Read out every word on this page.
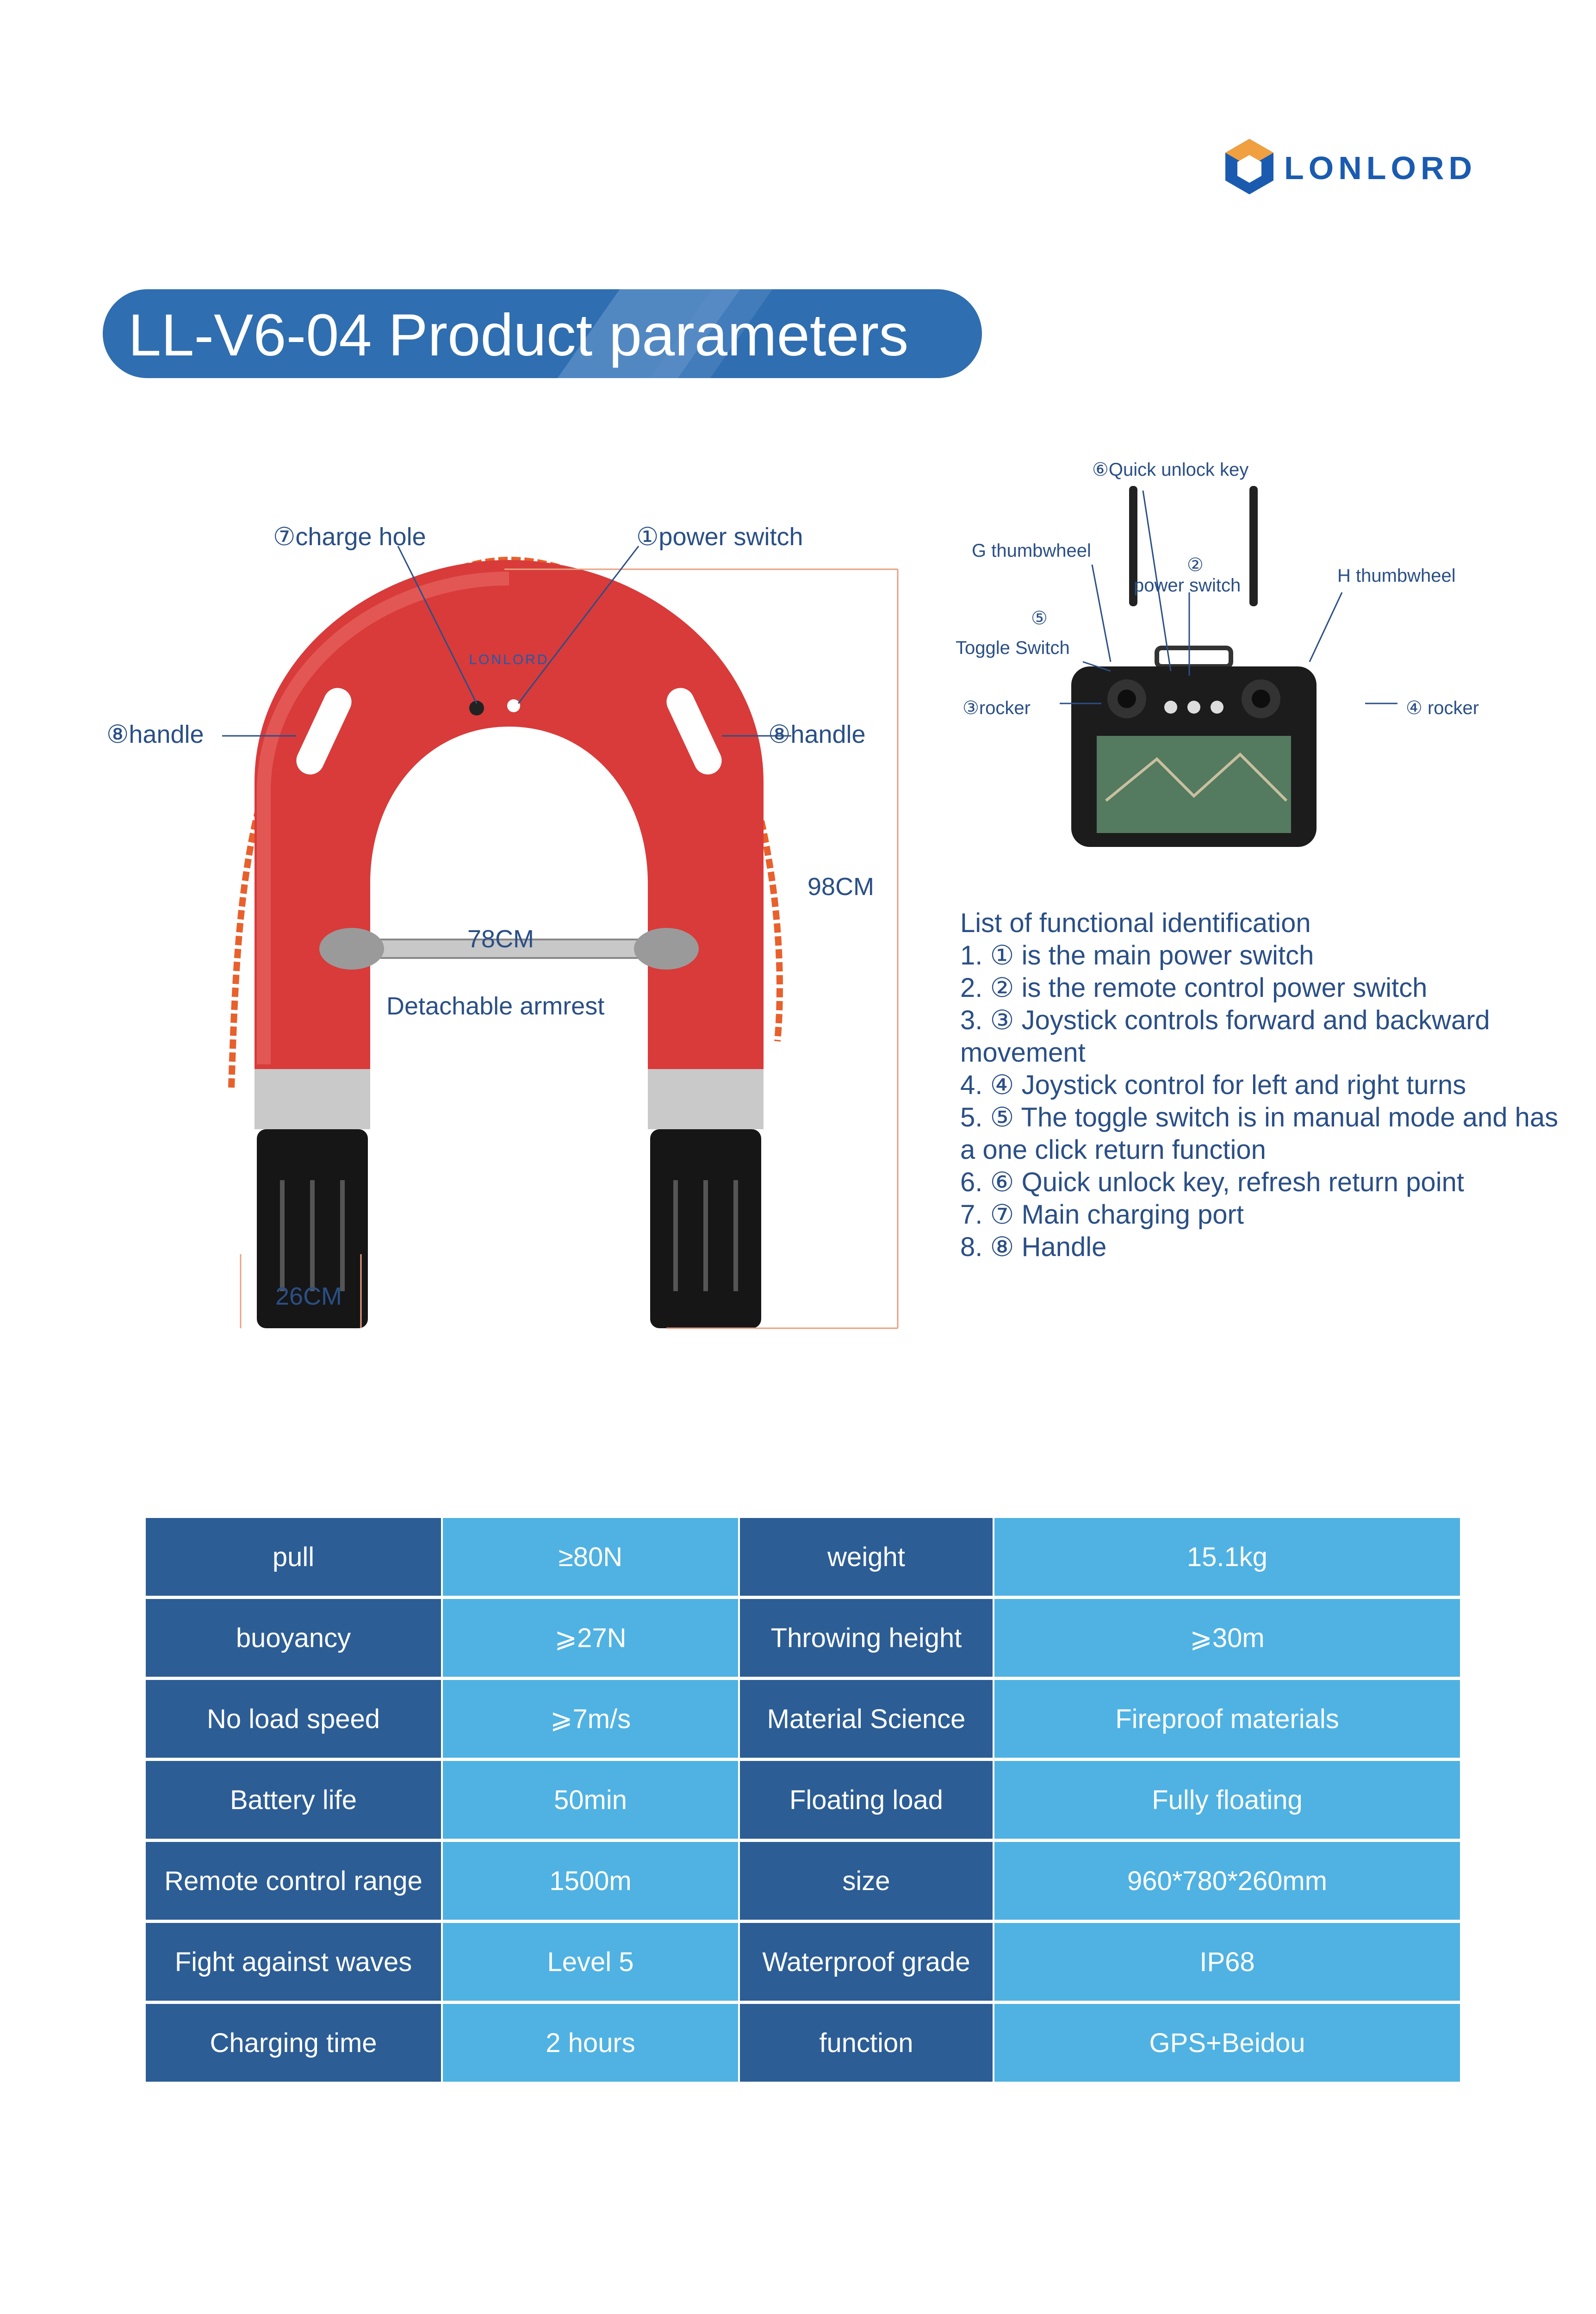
LONLORD
LL-V6-04 Product parameters
LONLORD
⑦charge hole	①power switch
⑧handle	⑧handle
98CM
78CM
Detachable armrest
26CM
⑥Quick unlock key
G thumbwheel
②
power switch	H thumbwheel
⑤
Toggle Switch
③rocker	④ rocker
List of functional identification
1. ① is the main power switch
2. ② is the remote control power switch
3. ③ Joystick controls forward and backward movement
4. ④ Joystick control for left and right turns
5. ⑤ The toggle switch is in manual mode and has a one click return function
6. ⑥ Quick unlock key, refresh return point
7. ⑦ Main charging port
8. ⑧ Handle
pull	≥80N	weight	15.1kg
buoyancy	⩾27N	Throwing height	⩾30m
No load speed	⩾7m/s	Material Science	Fireproof materials
Battery life	50min	Floating load	Fully floating
Remote control range	1500m	size	960*780*260mm
Fight against waves	Level 5	Waterproof grade	IP68
Charging time	2 hours	function	GPS+Beidou
